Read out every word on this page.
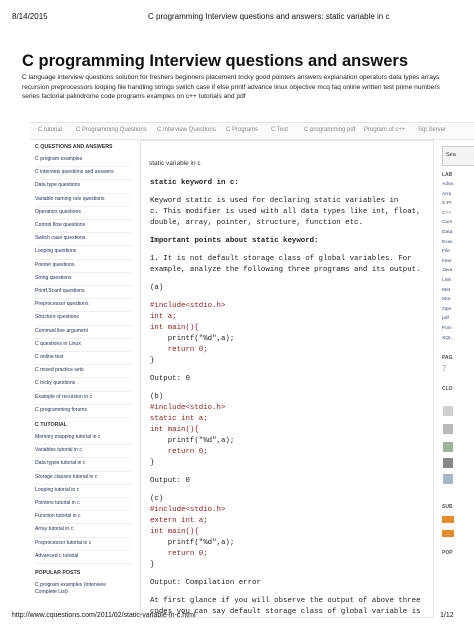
8/14/2015	C programming Interview questions and answers: static variable in c
C programming Interview questions and answers
C language interview questions solution for freshers beginners placement tricky good pointers answers explanation operators data types arrays
recursion preprocessors looping file handling strings switch case if else printf advance linux objective mcq faq online written test prime numbers
series factorial palindrome code programs examples on c++ tutorials and pdf
C tutorial C Programming Questions C Interview Questions C Programs C Test	C programming pdf Program of c++ Sql Server
C QUESTIONS AND ANSWERS
C program examples
C interview questions and answers
Data type questions
Variable naming rule questions
Operators questions
Control flow questions
Switch case questions
Looping questions
Pointer questions
String questions
Printf,Scanf questions
Preprocessor questions
Structure questions
Commad line argument
C questions in Linux
C online test
C mixed practice sets
C tricky questions
Example of recursion in c
C programming forums
C TUTORIAL
Memory mapping tutorial in c
Variables tutorial in c
Data types tutorial in c
Storage classes tutorial in c
Looping tutorial in c
Pointers tutorial in c
Function tutorial in c
Array tutorial in c
Preprocessor tutorial in c
Advanced c tutorial
POPULAR POSTS
C program examples (Interview
Complete List)
static variable in c
static keyword in c:
Keyword static is used for declaring static variables in
c. This modifier is used with all data types like int, float,
double, array, pointer, structure, function etc.
Important points about static keyword:
1. It is not default storage class of global variables. For
example, analyze the following three programs and its output.
(a)
#include<stdio.h>
int a;
int main(){
printf("%d",a);
return 0;
}
Output: 0
(b)
#include<stdio.h>
static int a;
int main(){
printf("%d",a);
return 0;
}
Output: 0
(c)
#include<stdio.h>
extern int a;
int main(){
printf("%d",a);
return 0;
}
Output: Compilation error
At first glance if you will observe the output of above three
codes you can say default storage class of global variable is
Sea
LAB
Adva
Arra
C Pr
C++
Com
Data
Exac
File
Inter
Java
Link
Met
Mor
Ope
pdf
Poin
SQL
PAG
7
CLO
SUB
POP
http://www.cquestions.com/2011/02/static-variable-in-c.html	1/12
